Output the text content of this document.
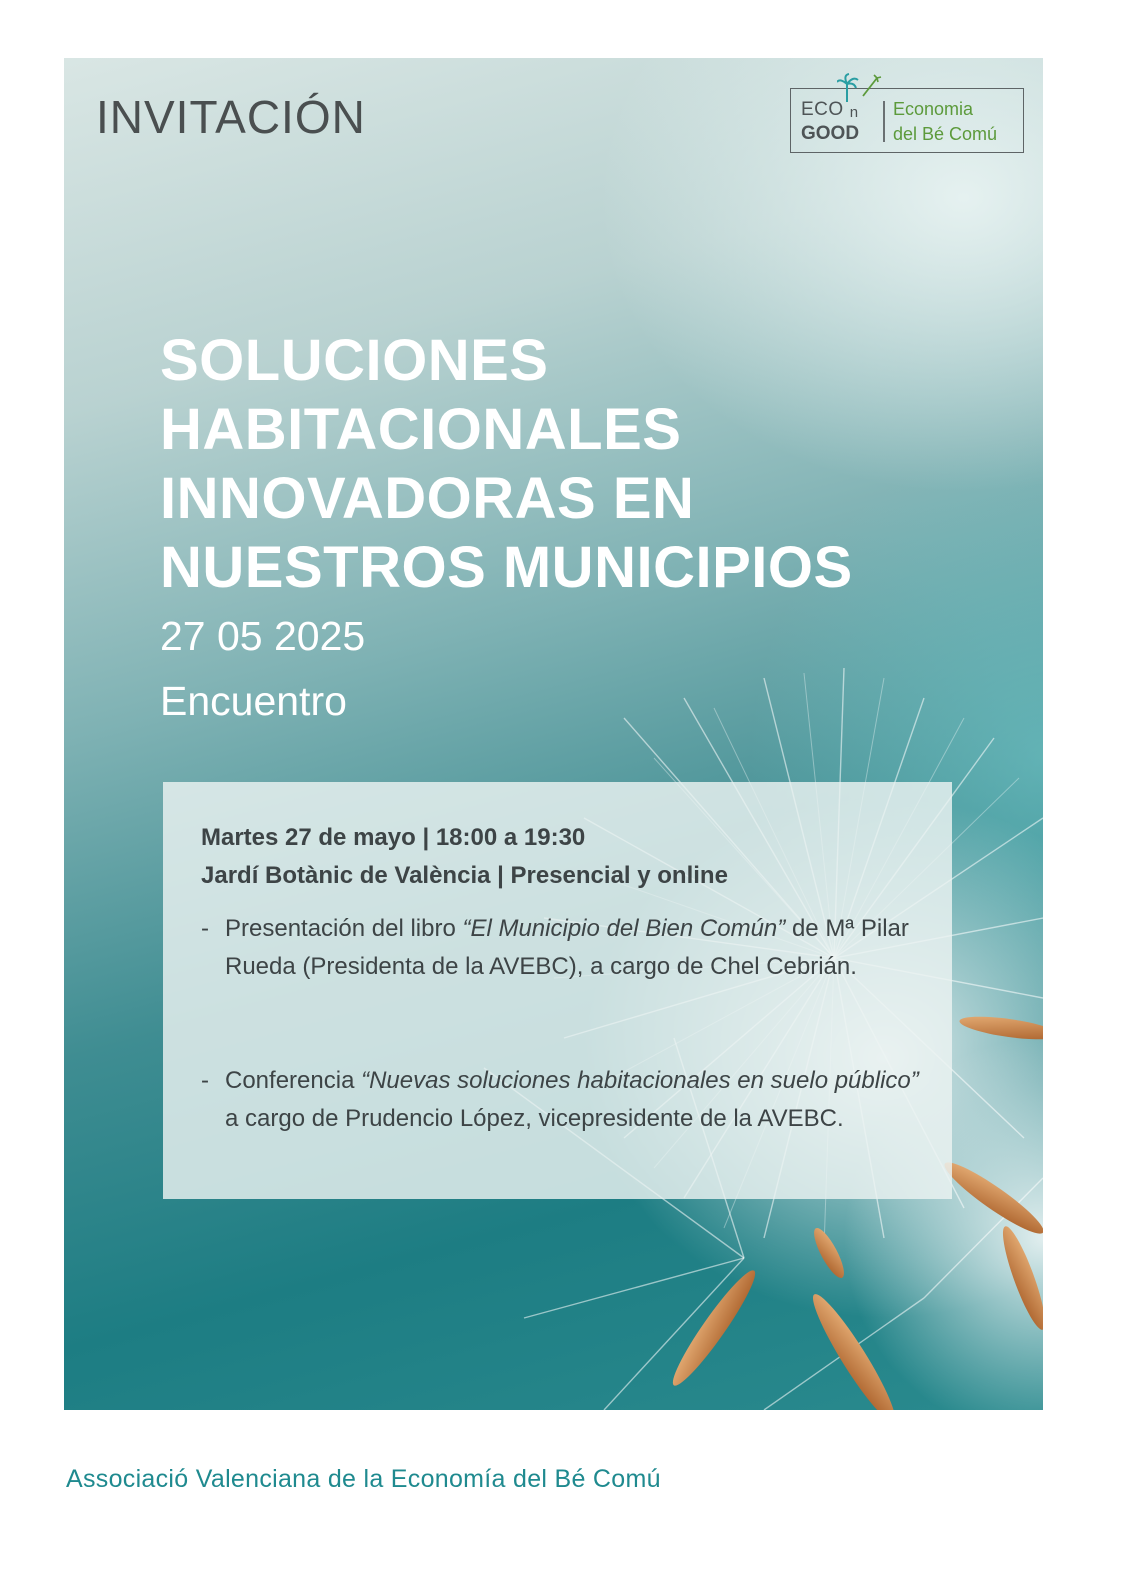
INVITACIÓN	ECO n
GOOD
Economia
del Bé Comú
SOLUCIONES
HABITACIONALES
INNOVADORAS EN
NUESTROS MUNICIPIOS
27 05 2025
Encuentro
Martes 27 de mayo | 18:00 a 19:30
Jardí Botànic de València | Presencial y online
- Presentación del libro “El Municipio del Bien Común” de Mª Pilar Rueda (Presidenta de la AVEBC), a cargo de Chel Cebrián.
- Conferencia “Nuevas soluciones habitacionales en suelo público” a cargo de Prudencio López, vicepresidente de la AVEBC.
Associació Valenciana de la Economía del Bé Comú
